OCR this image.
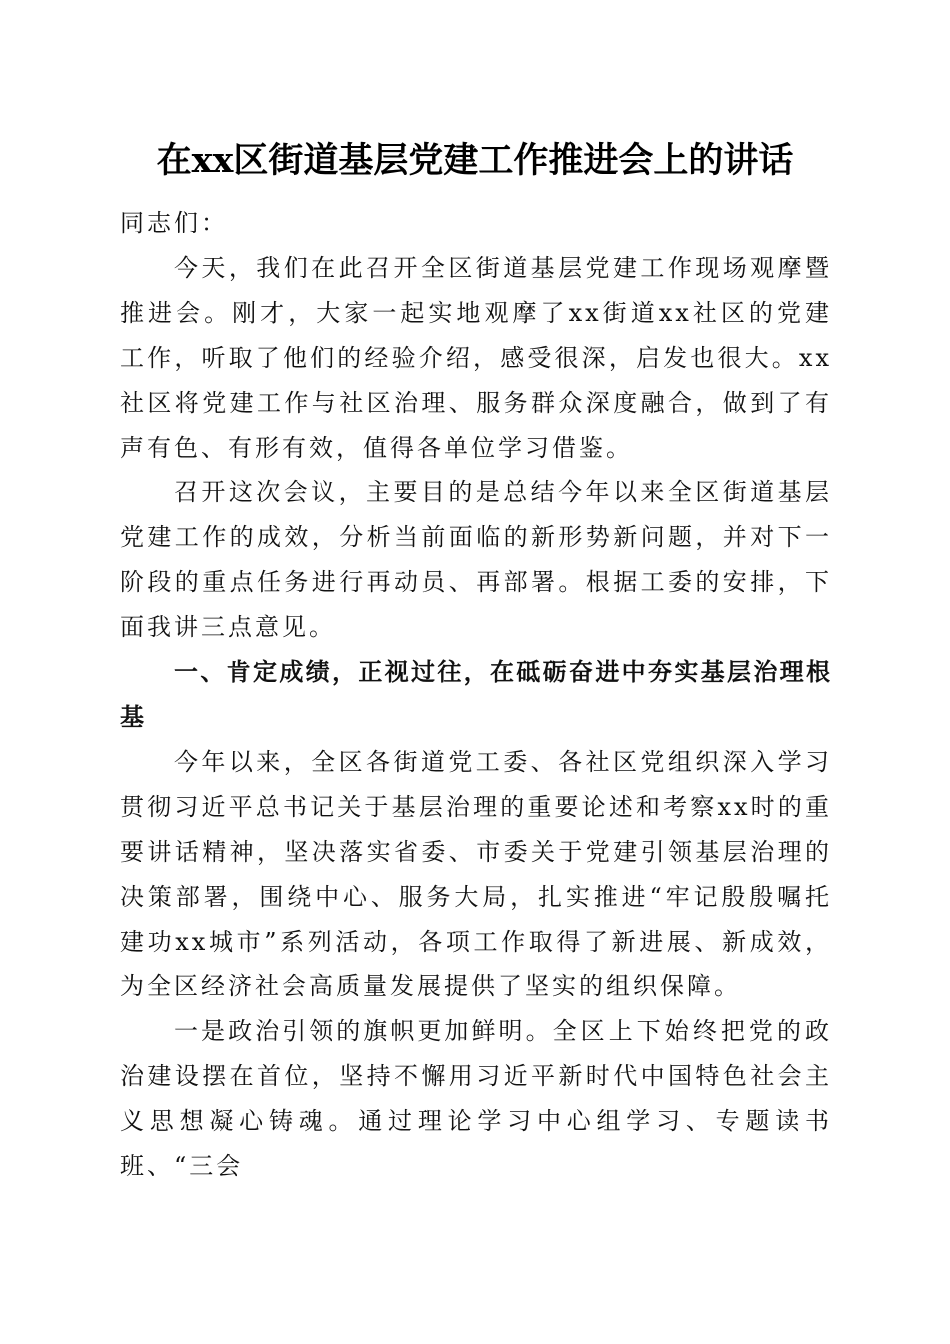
在xx区街道基层党建工作推进会上的讲话

同志们：

今天，我们在此召开全区街道基层党建工作现场观摩暨推进会。刚才，大家一起实地观摩了xx街道xx社区的党建工作，听取了他们的经验介绍，感受很深，启发也很大。xx社区将党建工作与社区治理、服务群众深度融合，做到了有声有色、有形有效，值得各单位学习借鉴。

召开这次会议，主要目的是总结今年以来全区街道基层党建工作的成效，分析当前面临的新形势新问题，并对下一阶段的重点任务进行再动员、再部署。根据工委的安排，下面我讲三点意见。

一、肯定成绩，正视过往，在砥砺奋进中夯实基层治理根基

今年以来，全区各街道党工委、各社区党组织深入学习贯彻习近平总书记关于基层治理的重要论述和考察xx时的重要讲话精神，坚决落实省委、市委关于党建引领基层治理的决策部署，围绕中心、服务大局，扎实推进“牢记殷殷嘱托建功xx城市”系列活动，各项工作取得了新进展、新成效，为全区经济社会高质量发展提供了坚实的组织保障。

一是政治引领的旗帜更加鲜明。全区上下始终把党的政治建设摆在首位，坚持不懈用习近平新时代中国特色社会主义思想凝心铸魂。通过理论学习中心组学习、专题读书班、“三会
